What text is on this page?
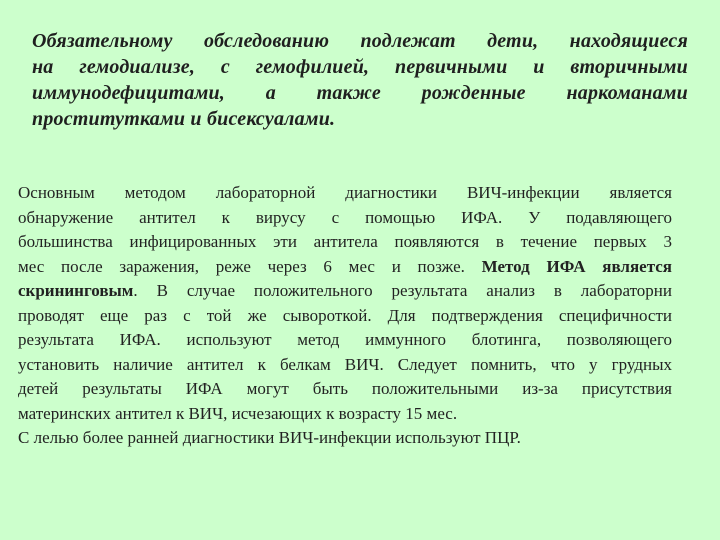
Обязательному обследованию подлежат дети, находящиеся
на гемодиализе, с гемофилией, первичными и вторичными
иммунодефицитами, а также рожденные наркоманами
проститутками и бисексуалами.
Основным методом лабораторной диагностики ВИЧ-инфекции является
обнаружение антител к вирусу с помощью ИФА. У подавляющего
большинства инфицированных эти антитела появляются в течение первых 3
мес после заражения, реже через 6 мес и позже. Метод ИФА является
скрининговым. В случае положительного результата анализ в лабораторни
проводят еще раз с той же сывороткой. Для подтверждения специфичности
результата ИФА. используют метод иммунного блотинга, позволяющего
установить наличие антител к белкам ВИЧ. Следует помнить, что у грудных
детей результаты ИФА могут быть положительными из-за присутствия
материнских антител к ВИЧ, исчезающих к возрасту 15 мес.
С лелью более ранней диагностики ВИЧ-инфекции используют ПЦР.
